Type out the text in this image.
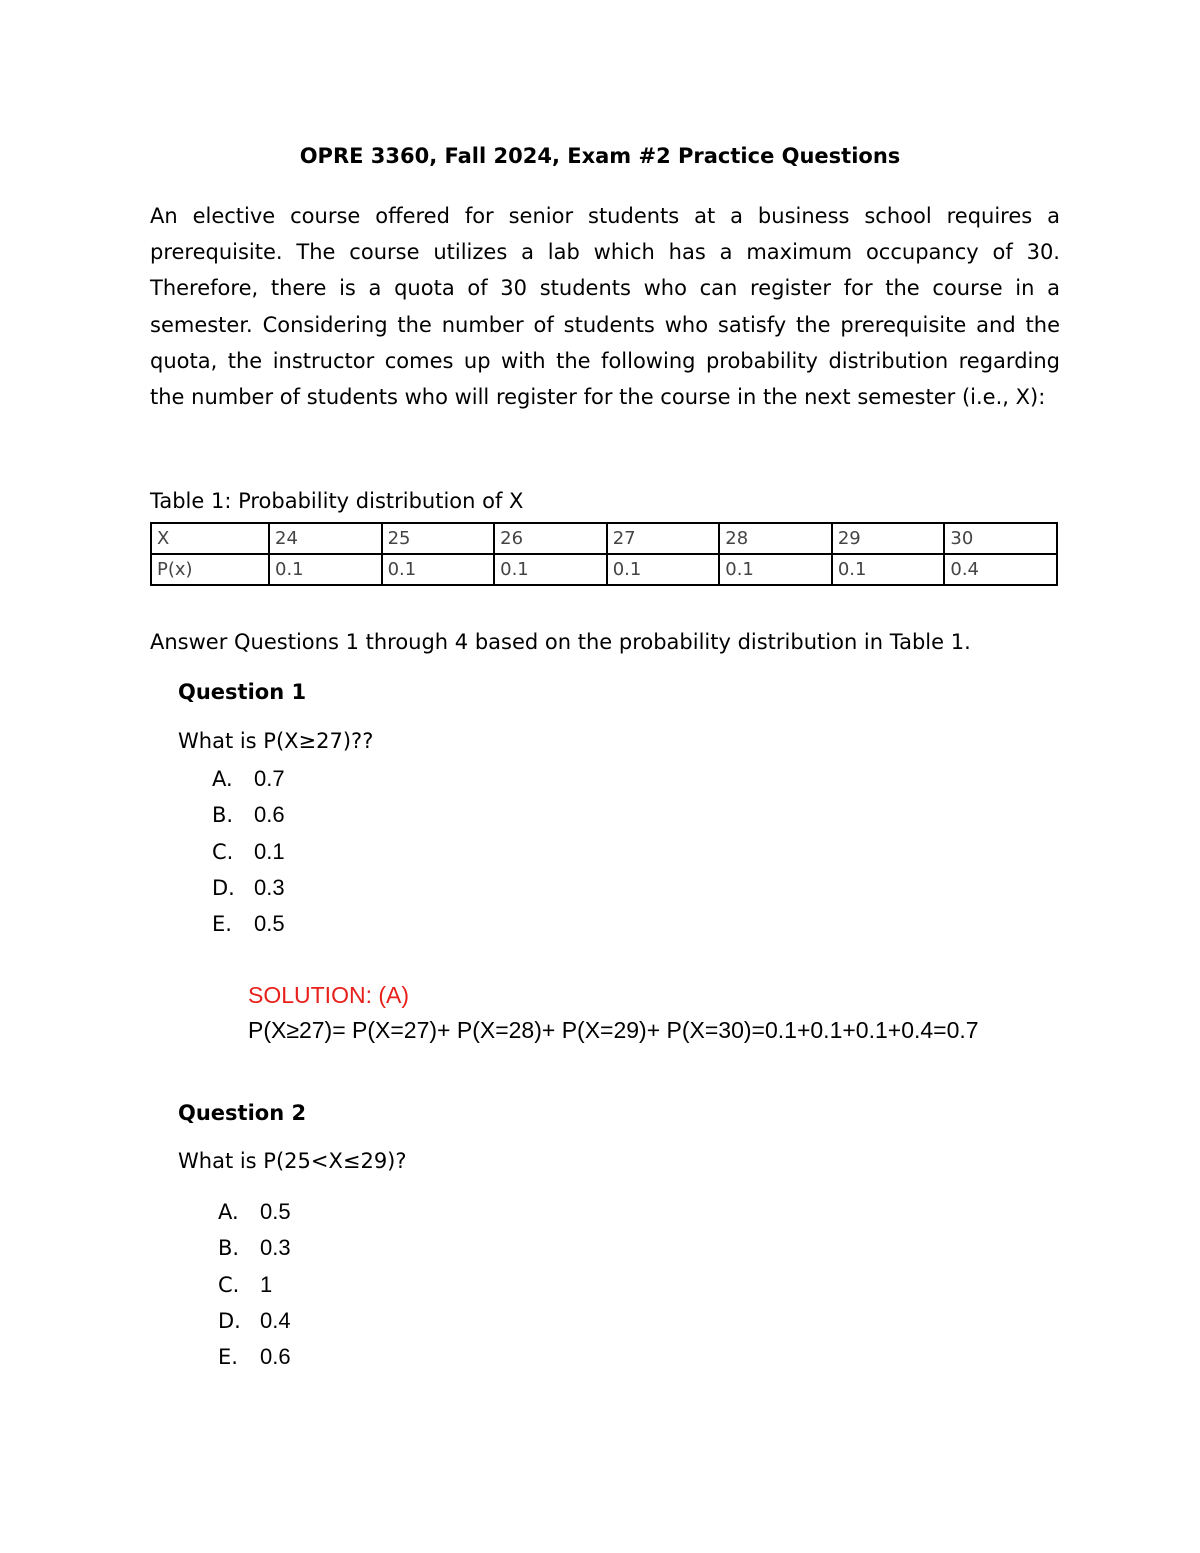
OPRE 3360, Fall 2024, Exam #2 Practice Questions
An elective course offered for senior students at a business school requires a prerequisite. The course utilizes a lab which has a maximum occupancy of 30. Therefore, there is a quota of 30 students who can register for the course in a semester. Considering the number of students who satisfy the prerequisite and the quota, the instructor comes up with the following probability distribution regarding the number of students who will register for the course in the next semester (i.e., X):
Table 1: Probability distribution of X
X	24	25	26	27	28	29	30
P(x)	0.1	0.1	0.1	0.1	0.1	0.1	0.4
Answer Questions 1 through 4 based on the probability distribution in Table 1.
Question 1
What is P(X≥27)??
A. 0.7
B. 0.6
C. 0.1
D. 0.3
E. 0.5
SOLUTION: (A)
P(X≥27)= P(X=27)+ P(X=28)+ P(X=29)+ P(X=30)=0.1+0.1+0.1+0.4=0.7
Question 2
What is P(25<X≤29)?
A. 0.5
B. 0.3
C. 1
D. 0.4
E. 0.6
